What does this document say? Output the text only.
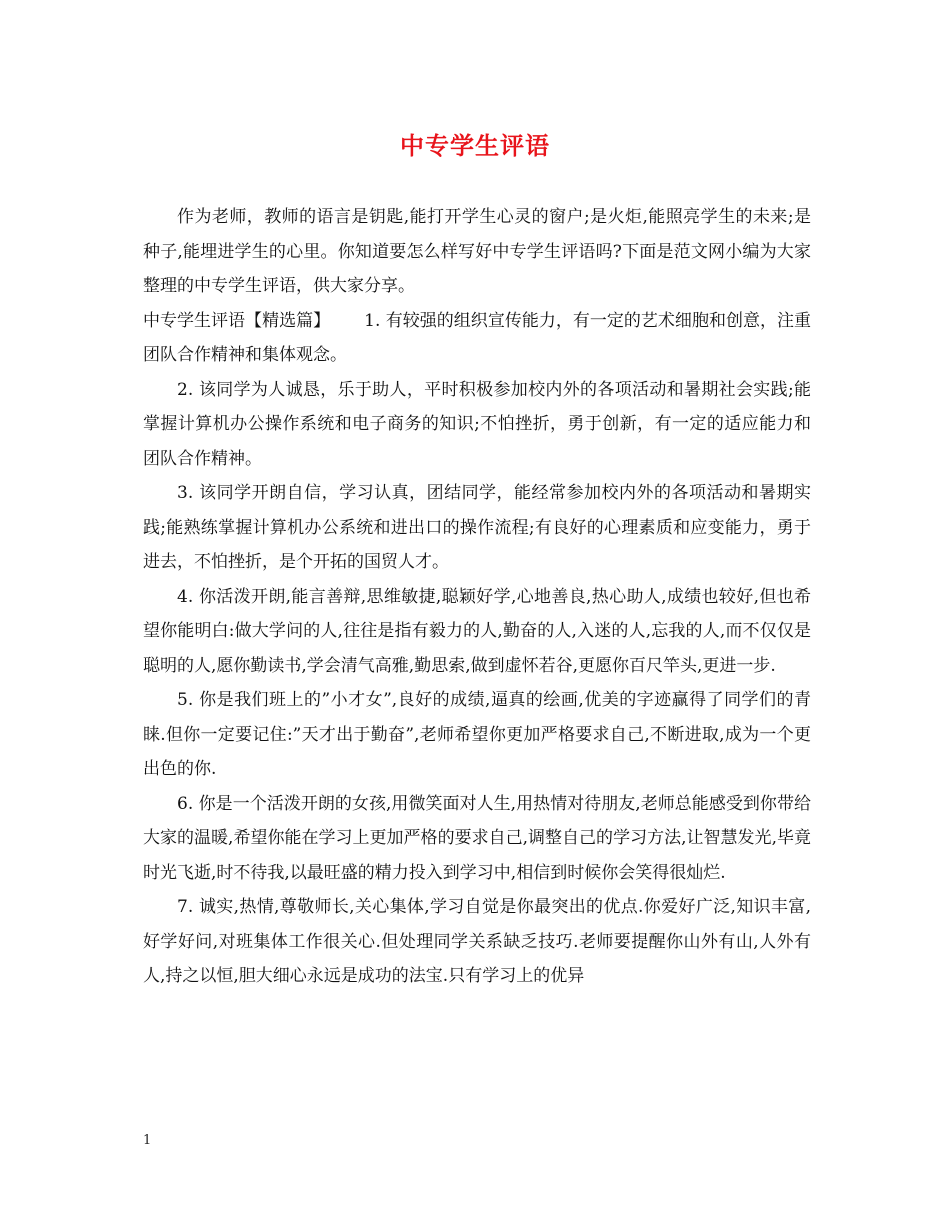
中专学生评语

作为老师，教师的语言是钥匙,能打开学生心灵的窗户;是火炬,能照亮学生的未来;是种子,能埋进学生的心里。你知道要怎么样写好中专学生评语吗?下面是范文网小编为大家整理的中专学生评语，供大家分享。

中专学生评语【精选篇】 1. 有较强的组织宣传能力，有一定的艺术细胞和创意，注重团队合作精神和集体观念。

2. 该同学为人诚恳，乐于助人，平时积极参加校内外的各项活动和暑期社会实践;能掌握计算机办公操作系统和电子商务的知识;不怕挫折，勇于创新，有一定的适应能力和团队合作精神。

3. 该同学开朗自信，学习认真，团结同学，能经常参加校内外的各项活动和暑期实践;能熟练掌握计算机办公系统和进出口的操作流程;有良好的心理素质和应变能力，勇于进去，不怕挫折，是个开拓的国贸人才。

4. 你活泼开朗,能言善辩,思维敏捷,聪颖好学,心地善良,热心助人,成绩也较好,但也希望你能明白:做大学问的人,往往是指有毅力的人,勤奋的人,入迷的人,忘我的人,而不仅仅是聪明的人,愿你勤读书,学会清气高雅,勤思索,做到虚怀若谷,更愿你百尺竿头,更进一步.

5. 你是我们班上的”小才女”,良好的成绩,逼真的绘画,优美的字迹赢得了同学们的青睐.但你一定要记住:”天才出于勤奋”,老师希望你更加严格要求自己,不断进取,成为一个更出色的你.

6. 你是一个活泼开朗的女孩,用微笑面对人生,用热情对待朋友,老师总能感受到你带给大家的温暖,希望你能在学习上更加严格的要求自己,调整自己的学习方法,让智慧发光,毕竟时光飞逝,时不待我,以最旺盛的精力投入到学习中,相信到时候你会笑得很灿烂.

7. 诚实,热情,尊敬师长,关心集体,学习自觉是你最突出的优点.你爱好广泛,知识丰富,好学好问,对班集体工作很关心.但处理同学关系缺乏技巧.老师要提醒你山外有山,人外有人,持之以恒,胆大细心永远是成功的法宝.只有学习上的优异

1
